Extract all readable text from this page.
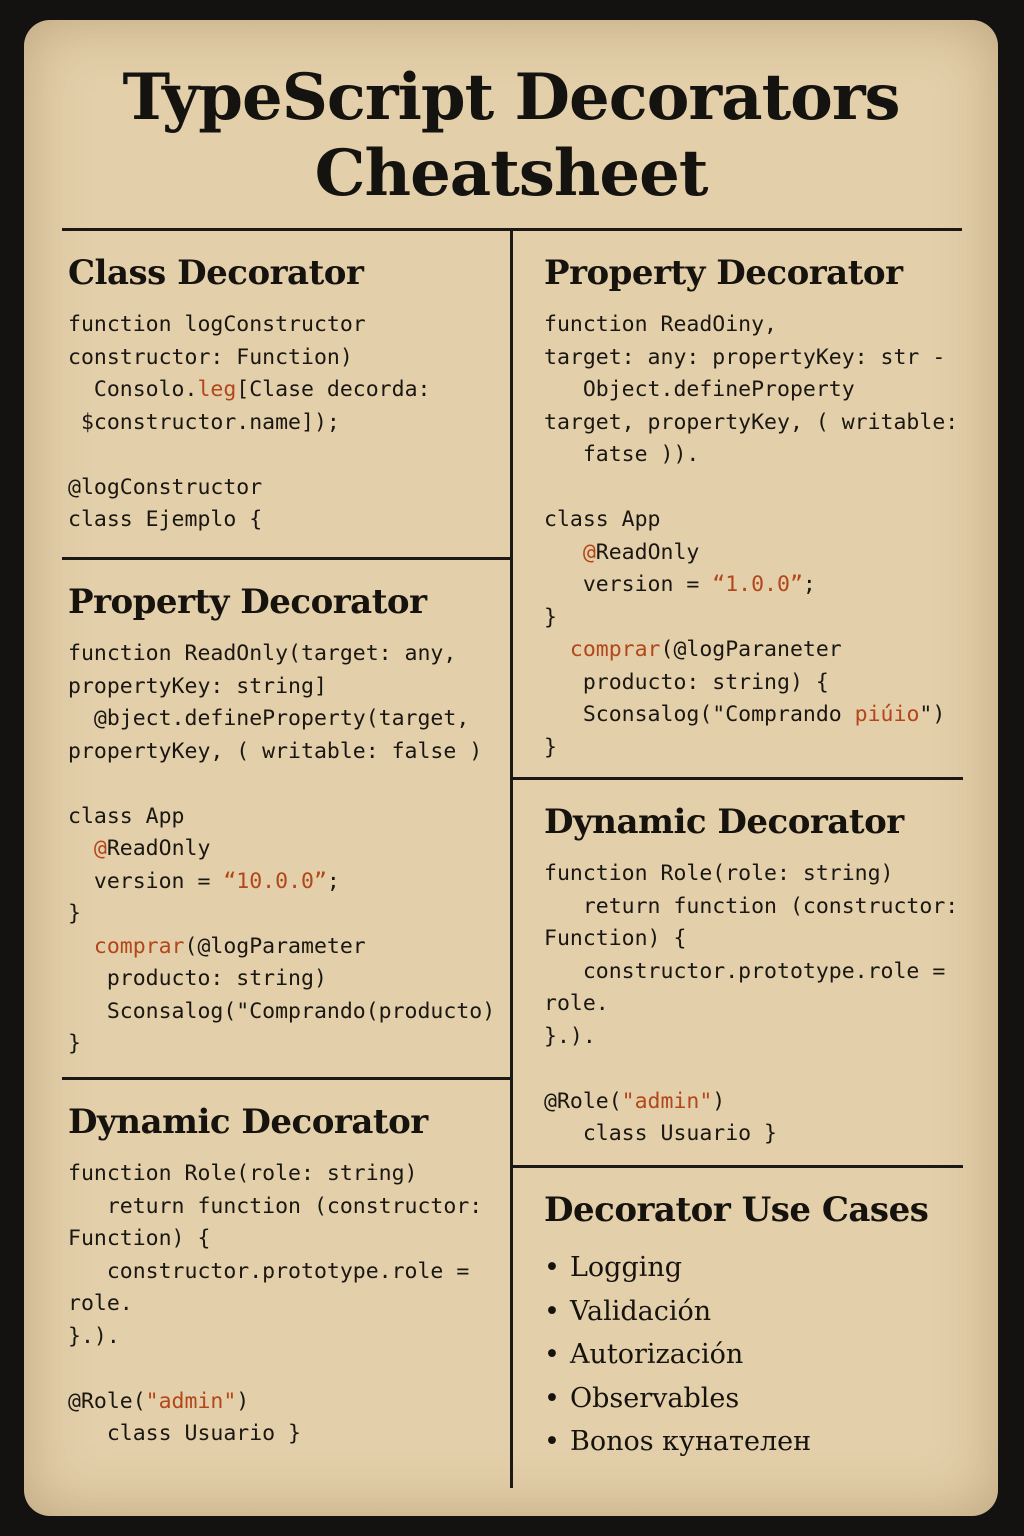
TypeScript Decorators
Cheatsheet
Class Decorator
function logConstructor
constructor: Function)
Consolo.leg[Clase decorda:
$constructor.name]);
@logConstructor
class Ejemplo {
Property Decorator
function ReadOnly(target: any,
propertyKey: string]
@bject.defineProperty(target,
propertyKey, ( writable: false )
class App
@ReadOnly
version = “10.0.0”;
}
comprar(@logParameter
producto: string)
Sconsalog("Comprando(producto)
}
Dynamic Decorator
function Role(role: string)
return function (constructor:
Function) {
constructor.prototype.role =
role.
}.).
@Role("admin")
class Usuario }
Property Decorator
function ReadOiny,
target: any: propertyKey: str -
Object.defineProperty
target, propertyKey, ( writable:
fatse )).
class App
@ReadOnly
version = “1.0.0”;
}
comprar(@logParaneter
producto: string) {
Sconsalog("Comprando pі́úіo")
}
Dynamic Decorator
function Role(role: string)
return function (constructor:
Function) {
constructor.prototype.role =
role.
}.).
@Role("admin")
class Usuario }
Decorator Use Cases
• Logging
• Validación
• Autorización
• Observables
• Bonos кунателен
